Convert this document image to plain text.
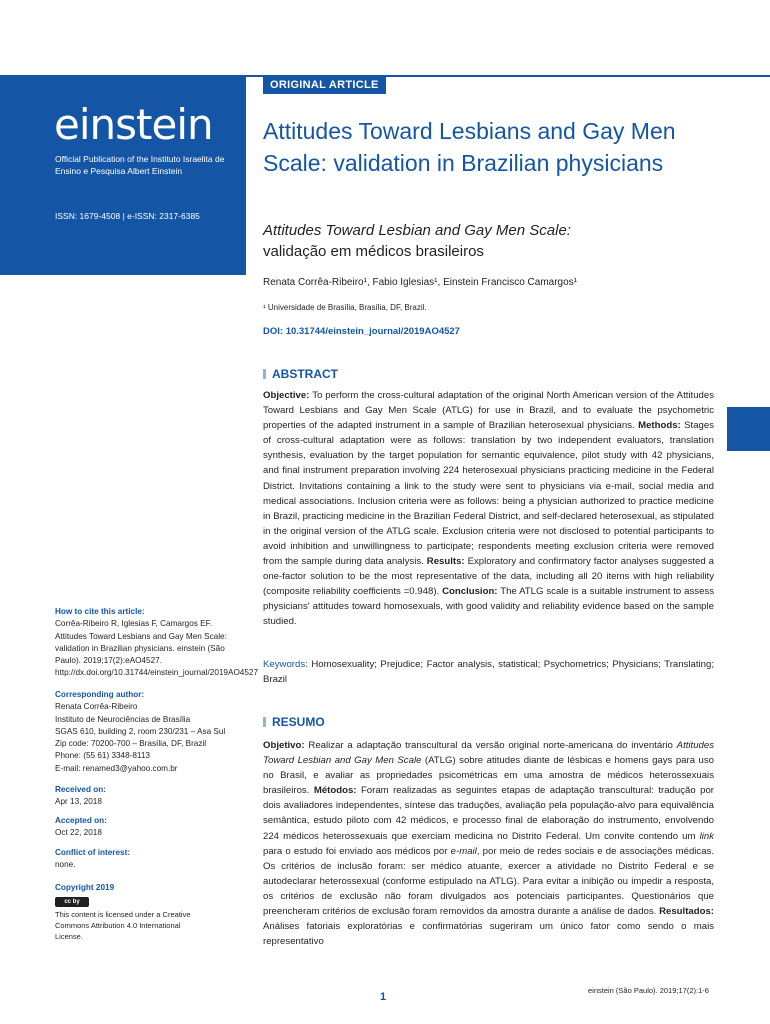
einstein
Official Publication of the Instituto Israelita de Ensino e Pesquisa Albert Einstein
ISSN: 1679-4508 | e-ISSN: 2317-6385
ORIGINAL ARTICLE
Attitudes Toward Lesbians and Gay Men Scale: validation in Brazilian physicians
Attitudes Toward Lesbian and Gay Men Scale:
validação em médicos brasileiros
Renata Corrêa-Ribeiro¹, Fabio Iglesias¹, Einstein Francisco Camargos¹
¹ Universidade de Brasília, Brasília, DF, Brazil.
DOI: 10.31744/einstein_journal/2019AO4527
ABSTRACT

Objective: To perform the cross-cultural adaptation of the original North American version of the Attitudes Toward Lesbians and Gay Men Scale (ATLG) for use in Brazil, and to evaluate the psychometric properties of the adapted instrument in a sample of Brazilian heterosexual physicians. Methods: Stages of cross-cultural adaptation were as follows: translation by two independent evaluators, translation synthesis, evaluation by the target population for semantic equivalence, pilot study with 42 physicians, and final instrument preparation involving 224 heterosexual physicians practicing medicine in the Federal District. Invitations containing a link to the study were sent to physicians via e-mail, social media and medical associations. Inclusion criteria were as follows: being a physician authorized to practice medicine in Brazil, practicing medicine in the Brazilian Federal District, and self-declared heterosexual, as stipulated in the original version of the ATLG scale. Exclusion criteria were not disclosed to potential participants to avoid inhibition and unwillingness to participate; respondents meeting exclusion criteria were removed from the sample during data analysis. Results: Exploratory and confirmatory factor analyses suggested a one-factor solution to be the most representative of the data, including all 20 items with high reliability (composite reliability coefficients =0.948). Conclusion: The ATLG scale is a suitable instrument to assess physicians' attitudes toward homosexuals, with good validity and reliability evidence based on the sample studied.

Keywords: Homosexuality; Prejudice; Factor analysis, statistical; Psychometrics; Physicians; Translating; Brazil

RESUMO

Objetivo: Realizar a adaptação transcultural da versão original norte-americana do inventário Attitudes Toward Lesbian and Gay Men Scale (ATLG) sobre atitudes diante de lésbicas e homens gays para uso no Brasil, e avaliar as propriedades psicométricas em uma amostra de médicos heterossexuais brasileiros. Métodos: Foram realizadas as seguintes etapas de adaptação transcultural: tradução por dois avaliadores independentes, síntese das traduções, avaliação pela população-alvo para equivalência semântica, estudo piloto com 42 médicos, e processo final de elaboração do instrumento, envolvendo 224 médicos heterossexuais que exerciam medicina no Distrito Federal. Um convite contendo um link para o estudo foi enviado aos médicos por e-mail, por meio de redes sociais e de associações médicas. Os critérios de inclusão foram: ser médico atuante, exercer a atividade no Distrito Federal e se autodeclarar heterossexual (conforme estipulado na ATLG). Para evitar a inibição ou impedir a resposta, os critérios de exclusão não foram divulgados aos potenciais participantes. Questionários que preencheram critérios de exclusão foram removidos da amostra durante a análise de dados. Resultados: Análises fatoriais exploratórias e confirmatórias sugeriram um único fator como sendo o mais representativo

How to cite this article:
Corrêa-Ribeiro R, Iglesias F, Camargos EF. Attitudes Toward Lesbians and Gay Men Scale: validation in Brazilian physicians. einstein (São Paulo). 2019;17(2):eAO4527. http://dx.doi.org/10.31744/einstein_journal/2019AO4527
Corresponding author:
Renata Corrêa-Ribeiro
Instituto de Neurociências de Brasília
SGAS 610, building 2, room 230/231 – Asa Sul
Zip code: 70200-700 – Brasília, DF, Brazil
Phone: (55 61) 3348-8113
E-mail: renamed3@yahoo.com.br
Received on:
Apr 13, 2018
Accepted on:
Oct 22, 2018
Conflict of interest:
none.
Copyright 2019
cc by
This content is licensed under a Creative Commons Attribution 4.0 International License.
1
einstein (São Paulo). 2019;17(2):1-6
